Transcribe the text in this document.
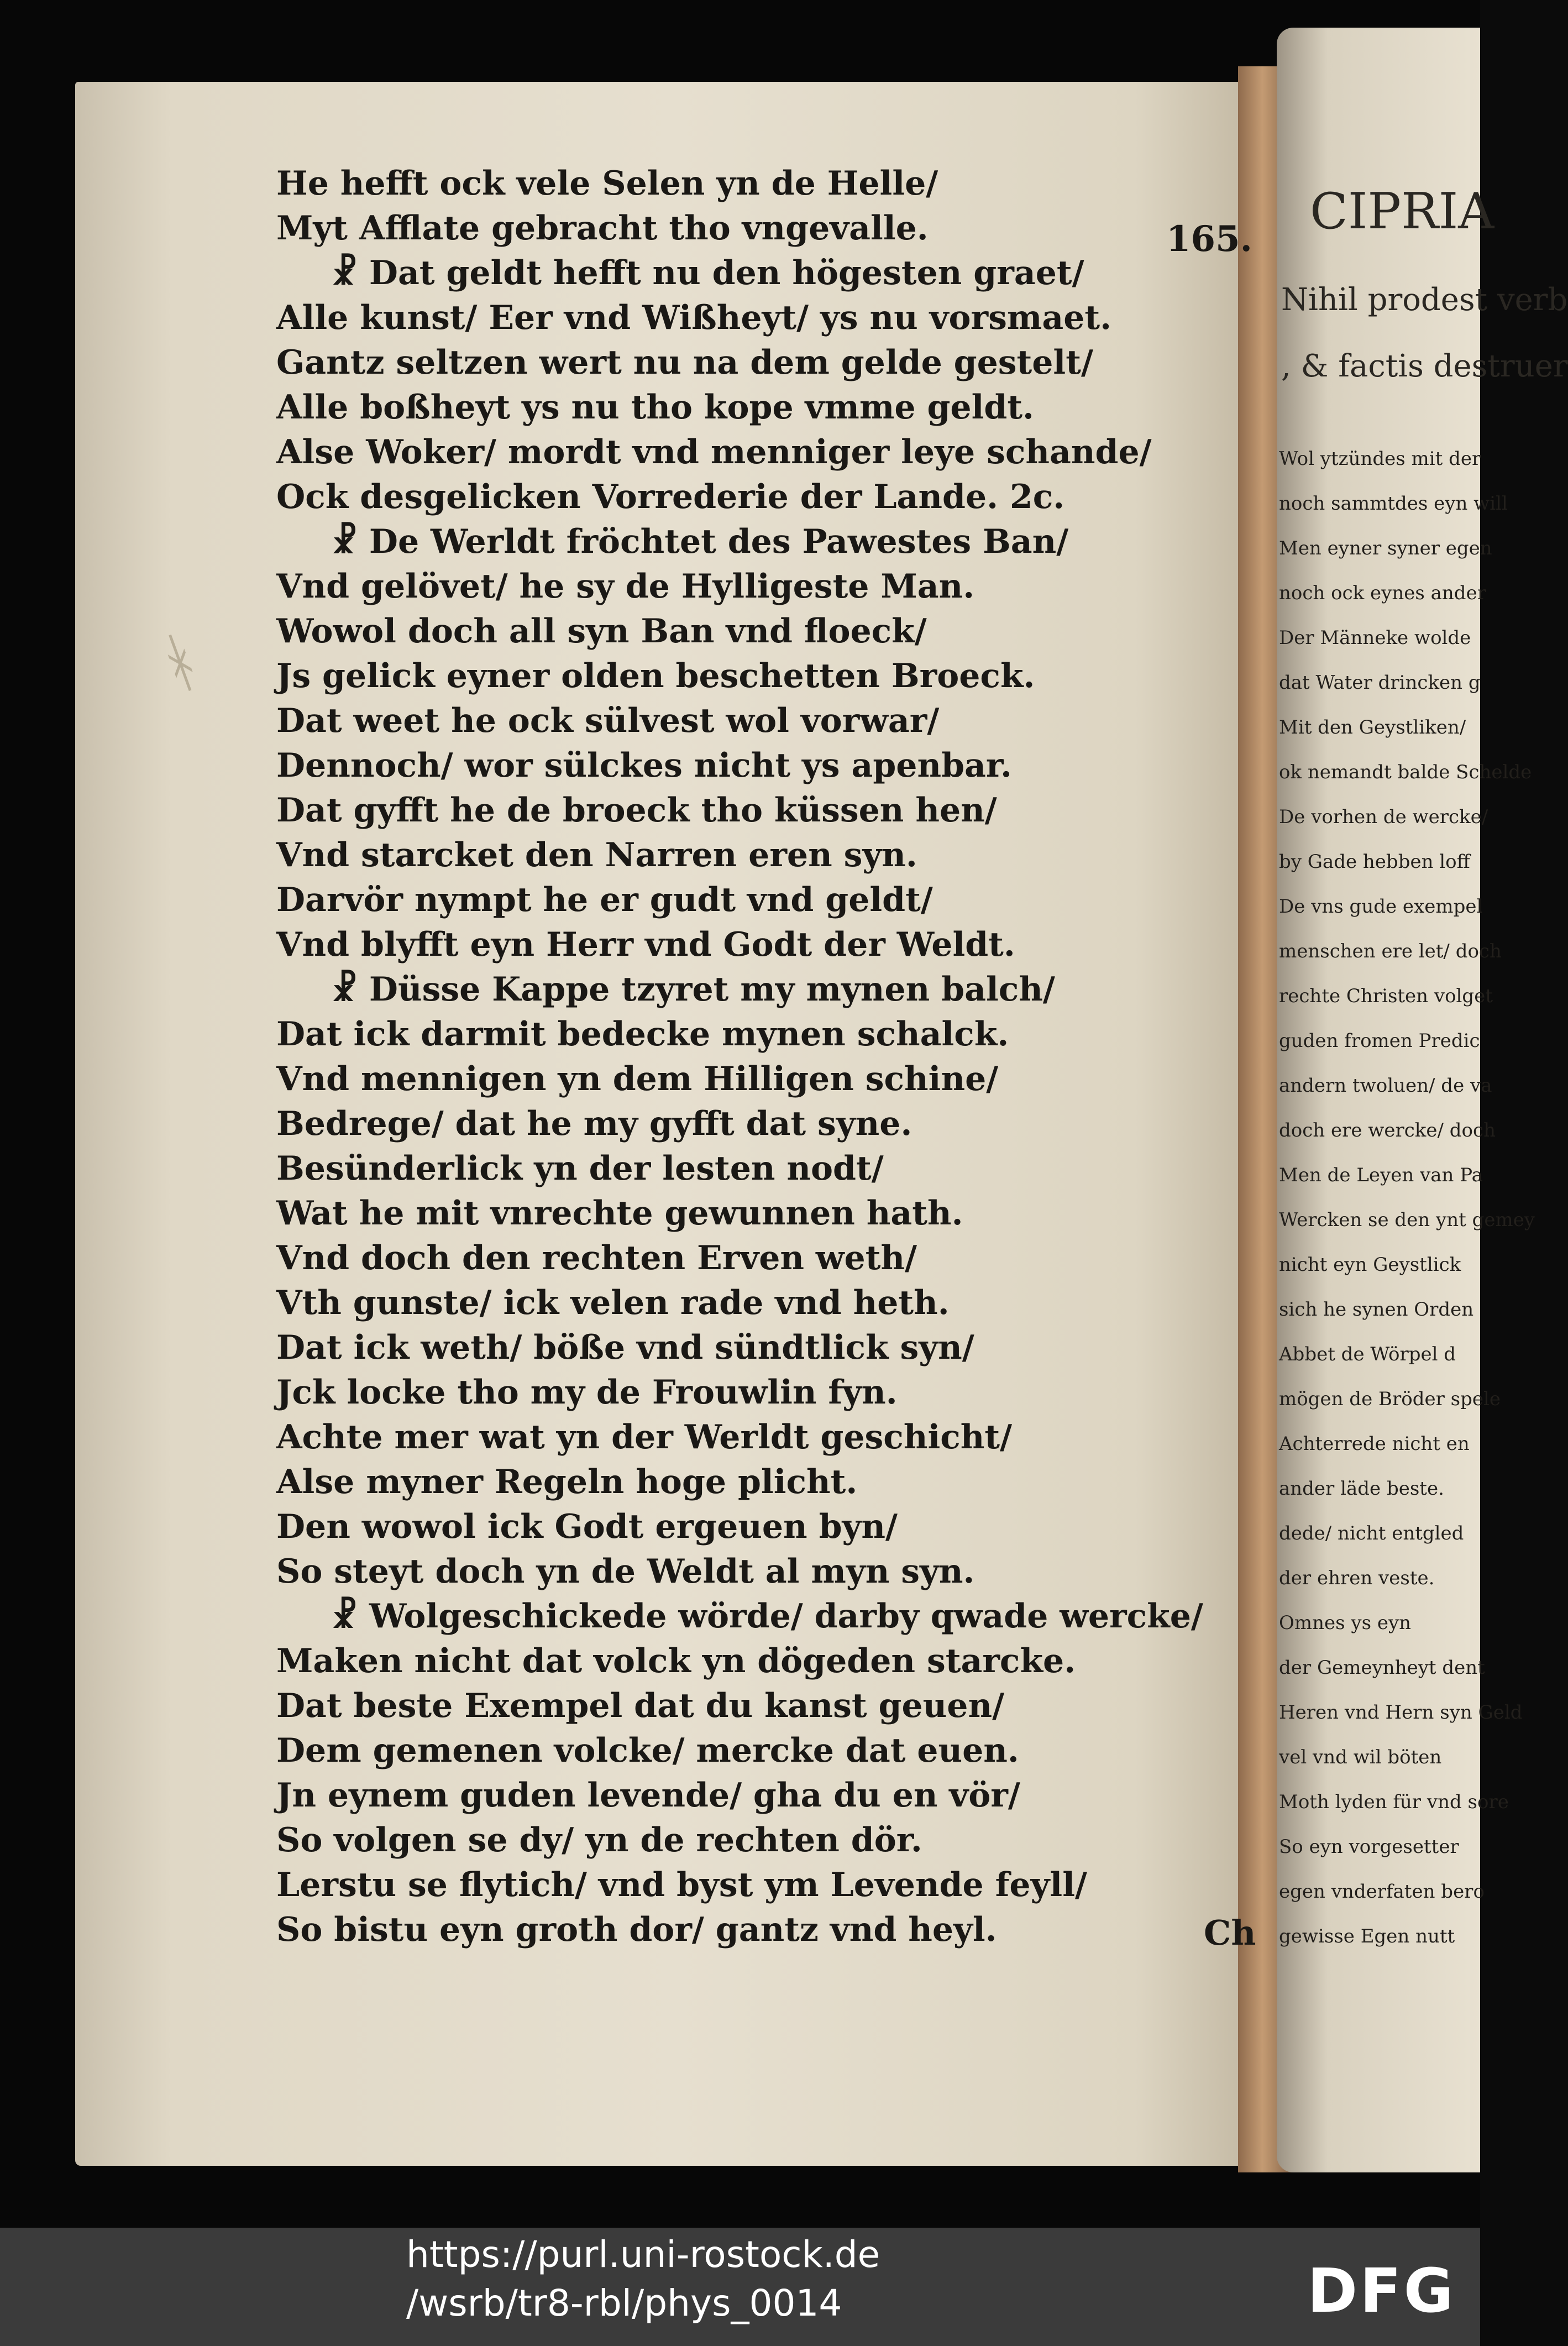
CIPRIA
Nihil prodest verb
, & factis destruer
Wol ytzündes mit der
noch sammtdes eyn will
Men eyner syner egen
noch ock eynes ander
Der Männeke wolde
dat Water drincken g
Mit den Geystliken/
ok nemandt balde Schelde
De vorhen de wercke/
by Gade hebben loff
De vns gude exempel
menschen ere let/ doch
rechte Christen volget
guden fromen Predic
andern twoluen/ de va
doch ere wercke/ doch
Men de Leyen van Pa
Wercken se den ynt gemey
nicht eyn Geystlick
sich he synen Orden
Abbet de Wörpel d
mögen de Bröder spele
Achterrede nicht en
ander läde beste.
dede/ nicht entgled
der ehren veste.
Omnes ys eyn
der Gemeynheyt dent
Heren vnd Hern syn Geld
vel vnd wil böten
Moth lyden für vnd sore
So eyn vorgesetter
egen vnderfaten bero
gewisse Egen nutt
ᚼ
165.
He hefft ock vele Selen yn de Helle/
Myt Afflate gebracht tho vngevalle.
☧ Dat geldt hefft nu den högesten graet/
Alle kunst/ Eer vnd Wißheyt/ ys nu vorsmaet.
Gantz seltzen wert nu na dem gelde gestelt/
Alle boßheyt ys nu tho kope vmme geldt.
Alse Woker/ mordt vnd menniger leye schande/
Ock desgelicken Vorrederie der Lande. 2c.
☧ De Werldt fröchtet des Pawestes Ban/
Vnd gelövet/ he sy de Hylligeste Man.
Wowol doch all syn Ban vnd floeck/
Js gelick eyner olden beschetten Broeck.
Dat weet he ock sülvest wol vorwar/
Dennoch/ wor sülckes nicht ys apenbar.
Dat gyfft he de broeck tho küssen hen/
Vnd starcket den Narren eren syn.
Darvör nympt he er gudt vnd geldt/
Vnd blyfft eyn Herr vnd Godt der Weldt.
☧ Düsse Kappe tzyret my mynen balch/
Dat ick darmit bedecke mynen schalck.
Vnd mennigen yn dem Hilligen schine/
Bedrege/ dat he my gyfft dat syne.
Besünderlick yn der lesten nodt/
Wat he mit vnrechte gewunnen hath.
Vnd doch den rechten Erven weth/
Vth gunste/ ick velen rade vnd heth.
Dat ick weth/ böße vnd sündtlick syn/
Jck locke tho my de Frouwlin fyn.
Achte mer wat yn der Werldt geschicht/
Alse myner Regeln hoge plicht.
Den wowol ick Godt ergeuen byn/
So steyt doch yn de Weldt al myn syn.
☧ Wolgeschickede wörde/ darby qwade wercke/
Maken nicht dat volck yn dögeden starcke.
Dat beste Exempel dat du kanst geuen/
Dem gemenen volcke/ mercke dat euen.
Jn eynem guden levende/ gha du en vör/
So volgen se dy/ yn de rechten dör.
Lerstu se flytich/ vnd byst ym Levende feyll/
So bistu eyn groth dor/ gantz vnd heyl.	Ch
https://purl.uni-rostock.de
/wsrb/tr8-rbl/phys_0014	DFG
